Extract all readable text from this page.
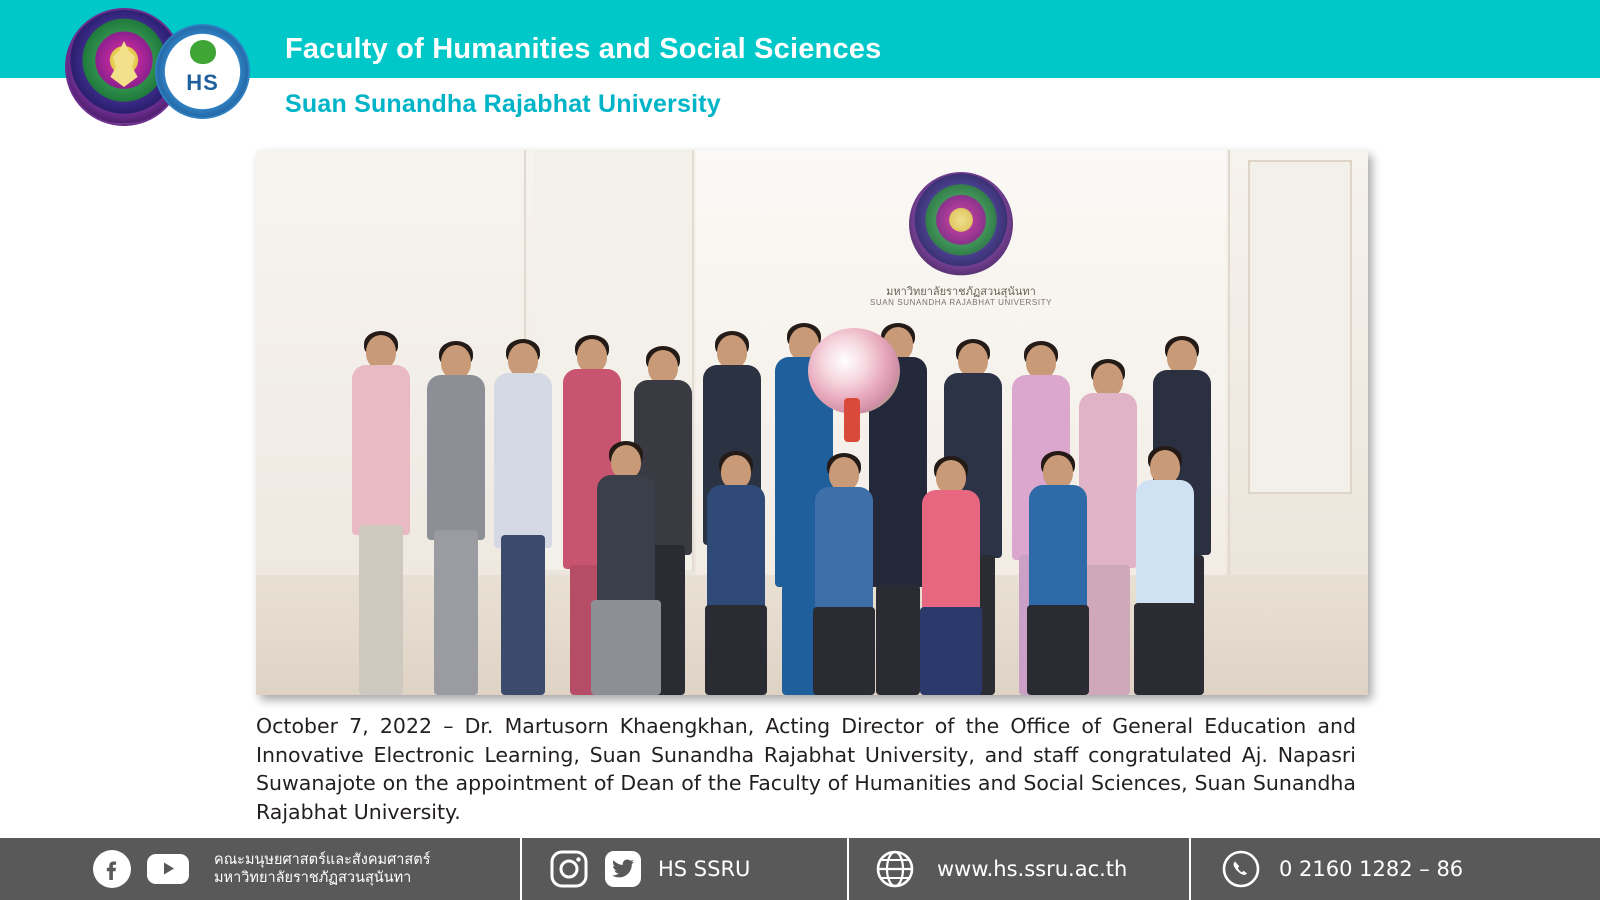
HS
Faculty of Humanities and Social Sciences
Suan Sunandha Rajabhat University
มหาวิทยาลัยราชภัฏสวนสุนันทา
SUAN SUNANDHA RAJABHAT UNIVERSITY
October 7, 2022 – Dr. Martusorn Khaengkhan, Acting Director of the Office of General Education and Innovative Electronic Learning, Suan Sunandha Rajabhat University, and staff congratulated Aj. Napasri Suwanajote on the appointment of Dean of the Faculty of Humanities and Social Sciences, Suan Sunandha Rajabhat University.
คณะมนุษยศาสตร์และสังคมศาสตร์
มหาวิทยาลัยราชภัฏสวนสุนันทา	HS SSRU	www.hs.ssru.ac.th	0 2160 1282 – 86
